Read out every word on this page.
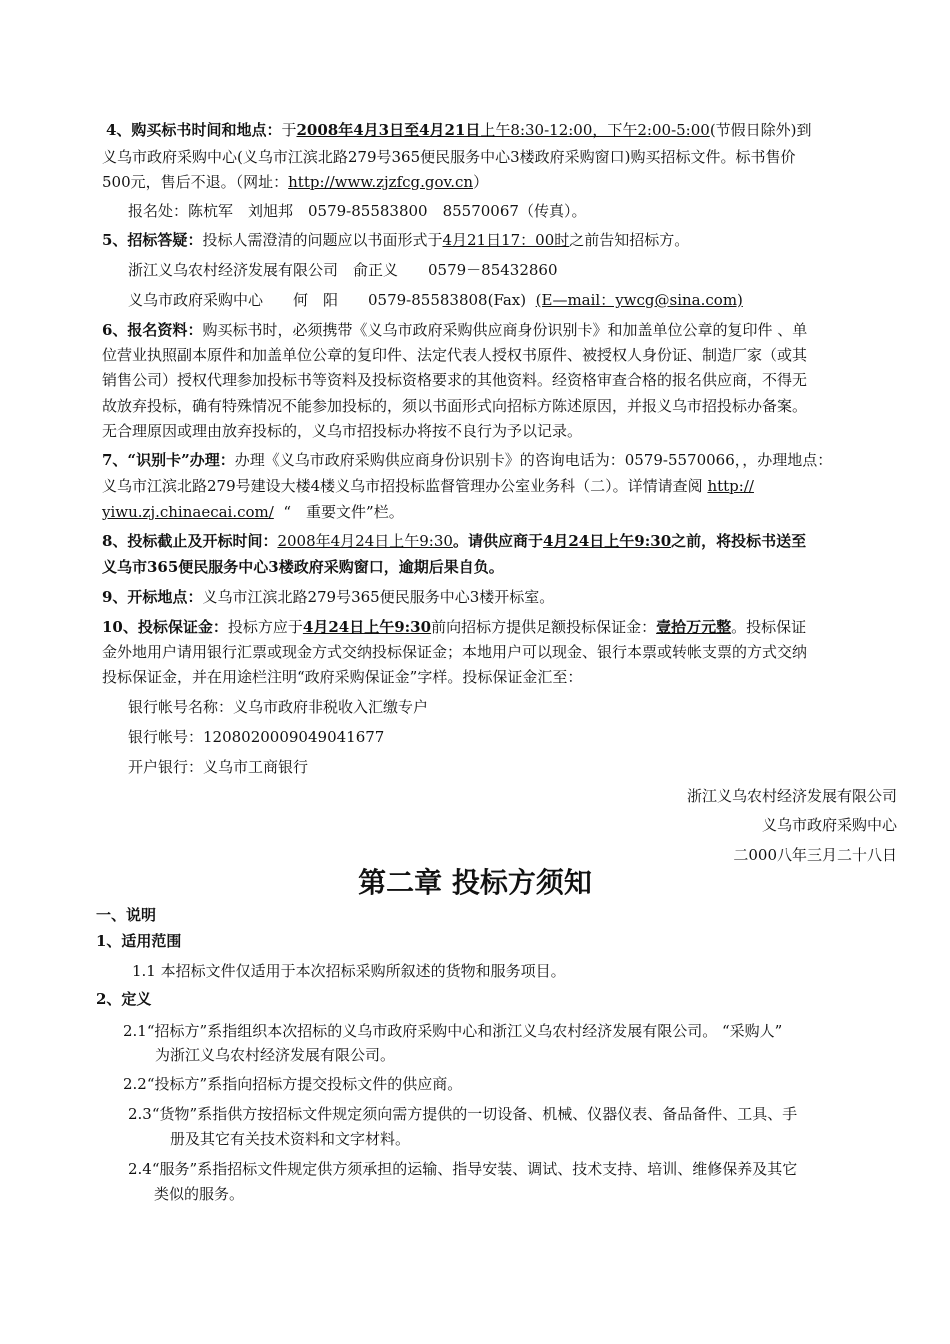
4、购买标书时间和地点：于2008年4月3日至4月21日上午8:30-12:00，下午2:00-5:00(节假日除外)到
义乌市政府采购中心(义乌市江滨北路279号365便民服务中心3楼政府采购窗口)购买招标文件。标书售价
500元，售后不退。（网址：http://www.zjzfcg.gov.cn）
报名处：陈杭军　刘旭邦　0579-85583800　85570067（传真）。
5、招标答疑：投标人需澄清的问题应以书面形式于4月21日17：00时之前告知招标方。
浙江义乌农村经济发展有限公司　俞正义　　0579－85432860
义乌市政府采购中心　　何　阳　　0579-85583808(Fax) (E—mail：ywcg@sina.com)
6、报名资料：购买标书时，必须携带《义乌市政府采购供应商身份识别卡》和加盖单位公章的复印件 、单
位营业执照副本原件和加盖单位公章的复印件、法定代表人授权书原件、被授权人身份证、制造厂家（或其
销售公司）授权代理参加投标书等资料及投标资格要求的其他资料。经资格审查合格的报名供应商，不得无
故放弃投标，确有特殊情况不能参加投标的，须以书面形式向招标方陈述原因，并报义乌市招投标办备案。
无合理原因或理由放弃投标的，义乌市招投标办将按不良行为予以记录。
7、“识别卡”办理：办理《义乌市政府采购供应商身份识别卡》的咨询电话为：0579-5570066，，办理地点：
义乌市江滨北路279号建设大楼4楼义乌市招投标监督管理办公室业务科（二）。详情请查阅 http://
yiwu.zj.chinaecai.com/ “　重要文件”栏。
8、投标截止及开标时间：2008年4月24日上午9:30。请供应商于4月24日上午9:30之前，将投标书送至
义乌市365便民服务中心3楼政府采购窗口，逾期后果自负。
9、开标地点：义乌市江滨北路279号365便民服务中心3楼开标室。
10、投标保证金：投标方应于4月24日上午9:30前向招标方提供足额投标保证金：壹拾万元整。投标保证
金外地用户请用银行汇票或现金方式交纳投标保证金；本地用户可以现金、银行本票或转帐支票的方式交纳
投标保证金，并在用途栏注明“政府采购保证金”字样。投标保证金汇至：
银行帐号名称：义乌市政府非税收入汇缴专户
银行帐号：1208020009049041677
开户银行：义乌市工商银行
浙江义乌农村经济发展有限公司
义乌市政府采购中心
二000八年三月二十八日
第二章 投标方须知
一、说明
1、适用范围
1.1 本招标文件仅适用于本次招标采购所叙述的货物和服务项目。
2、定义
2.1“招标方”系指组织本次招标的义乌市政府采购中心和浙江义乌农村经济发展有限公司。 “采购人”
为浙江义乌农村经济发展有限公司。
2.2“投标方”系指向招标方提交投标文件的供应商。
2.3“货物”系指供方按招标文件规定须向需方提供的一切设备、机械、仪器仪表、备品备件、工具、手
册及其它有关技术资料和文字材料。
2.4“服务”系指招标文件规定供方须承担的运输、指导安装、调试、技术支持、培训、维修保养及其它
类似的服务。
